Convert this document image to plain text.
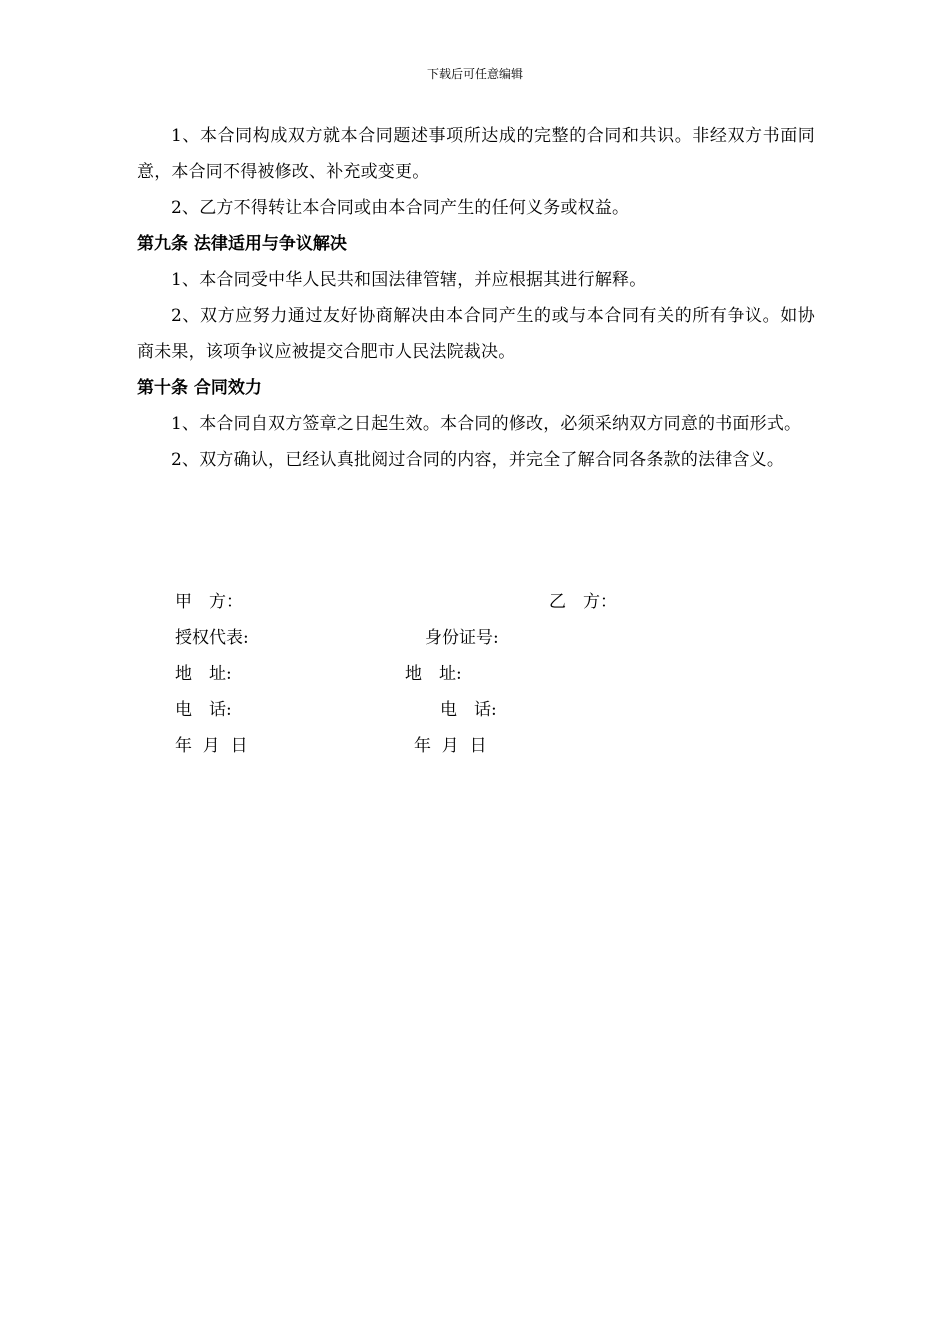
下载后可任意编辑

1、本合同构成双方就本合同题述事项所达成的完整的合同和共识。非经双方书面同意，本合同不得被修改、补充或变更。

2、乙方不得转让本合同或由本合同产生的任何义务或权益。

第九条 法律适用与争议解决

1、本合同受中华人民共和国法律管辖，并应根据其进行解释。

2、双方应努力通过友好协商解决由本合同产生的或与本合同有关的所有争议。如协商未果，该项争议应被提交合肥市人民法院裁决。

第十条 合同效力

1、本合同自双方签章之日起生效。本合同的修改，必须采纳双方同意的书面形式。

2、双方确认，已经认真批阅过合同的内容，并完全了解合同各条款的法律含义。

甲　方：	乙　方：
授权代表:	身份证号:
地　址:	地　址:
电　话:	电　话:
年  月  日	年  月  日
